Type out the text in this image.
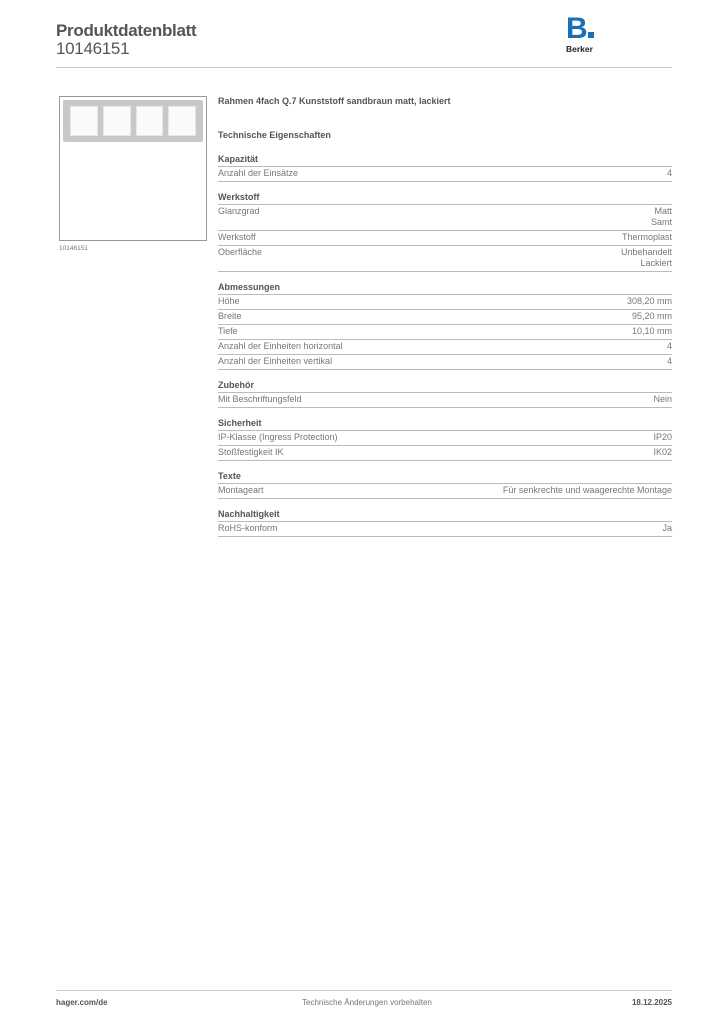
Produktdatenblatt
10146151
B
Berker
10146151
Rahmen 4fach Q.7 Kunststoff sandbraun matt, lackiert
Technische Eigenschaften
Kapazität
Anzahl der Einsätze	4
Werkstoff
Glanzgrad	Matt
Samt
Werkstoff	Thermoplast
Oberfläche	Unbehandelt
Lackiert
Abmessungen
Höhe	308,20 mm
Breite	95,20 mm
Tiefe	10,10 mm
Anzahl der Einheiten horizontal	4
Anzahl der Einheiten vertikal	4
Zubehör
Mit Beschriftungsfeld	Nein
Sicherheit
IP-Klasse (Ingress Protection)	IP20
Stoßfestigkeit IK	IK02
Texte
Montageart	Für senkrechte und waagerechte Montage
Nachhaltigkeit
RoHS-konform	Ja
hager.com/de	Technische Änderungen vorbehalten	18.12.2025
